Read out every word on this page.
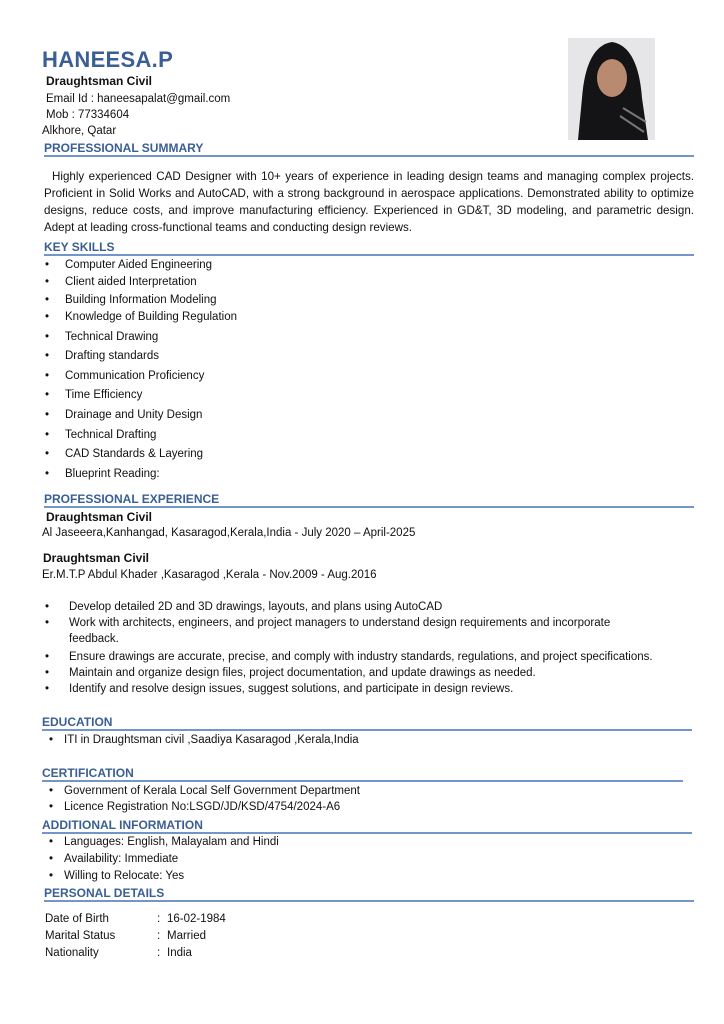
HANEESA.P
Draughtsman Civil
Email Id : haneesapalat@gmail.com
Mob : 77334604
Alkhore, Qatar
PROFESSIONAL SUMMARY
Highly experienced CAD Designer with 10+ years of experience in leading design teams and managing complex projects. Proficient in Solid Works and AutoCAD, with a strong background in aerospace applications. Demonstrated ability to optimize designs, reduce costs, and improve manufacturing efficiency. Experienced in GD&T, 3D modeling, and parametric design. Adept at leading cross-functional teams and conducting design reviews.
KEY SKILLS
• Computer Aided Engineering
• Client aided Interpretation
• Building Information Modeling
• Knowledge of Building Regulation
• Technical Drawing
• Drafting standards
• Communication Proficiency
• Time Efficiency
• Drainage and Unity Design
• Technical Drafting
• CAD Standards & Layering
• Blueprint Reading:
PROFESSIONAL EXPERIENCE
Draughtsman Civil
Al Jaseeera,Kanhangad, Kasaragod,Kerala,India - July 2020 – April-2025
Draughtsman Civil
Er.M.T.P Abdul Khader ,Kasaragod ,Kerala - Nov.2009 - Aug.2016
• Develop detailed 2D and 3D drawings, layouts, and plans using AutoCAD
• Work with architects, engineers, and project managers to understand design requirements and incorporate
feedback.
• Ensure drawings are accurate, precise, and comply with industry standards, regulations, and project specifications.
• Maintain and organize design files, project documentation, and update drawings as needed.
• Identify and resolve design issues, suggest solutions, and participate in design reviews.
EDUCATION
• ITI in Draughtsman civil ,Saadiya Kasaragod ,Kerala,India
CERTIFICATION
• Government of Kerala Local Self Government Department
• Licence Registration No:LSGD/JD/KSD/4754/2024-A6
ADDITIONAL INFORMATION
• Languages: English, Malayalam and Hindi
• Availability: Immediate
• Willing to Relocate: Yes
PERSONAL DETAILS
Date of Birth	: 16-02-1984
Marital Status	: Married
Nationality	: India
